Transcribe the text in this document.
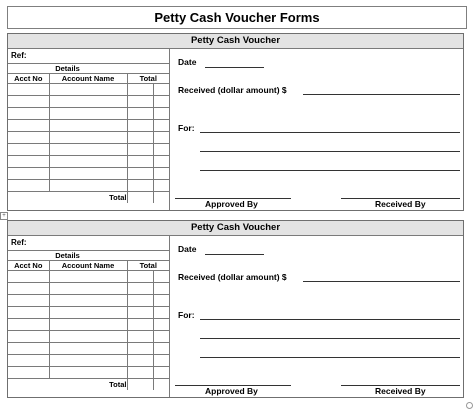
Petty Cash Voucher Forms
Petty Cash Voucher
Ref:
Details
Acct No	Account Name	Total	

Total			
Date
Received (dollar amount) $
For:
Approved By	Received By
+
Petty Cash Voucher
Ref:
Details
Acct No	Account Name	Total	

Total			
Date
Received (dollar amount) $
For:
Approved By	Received By
